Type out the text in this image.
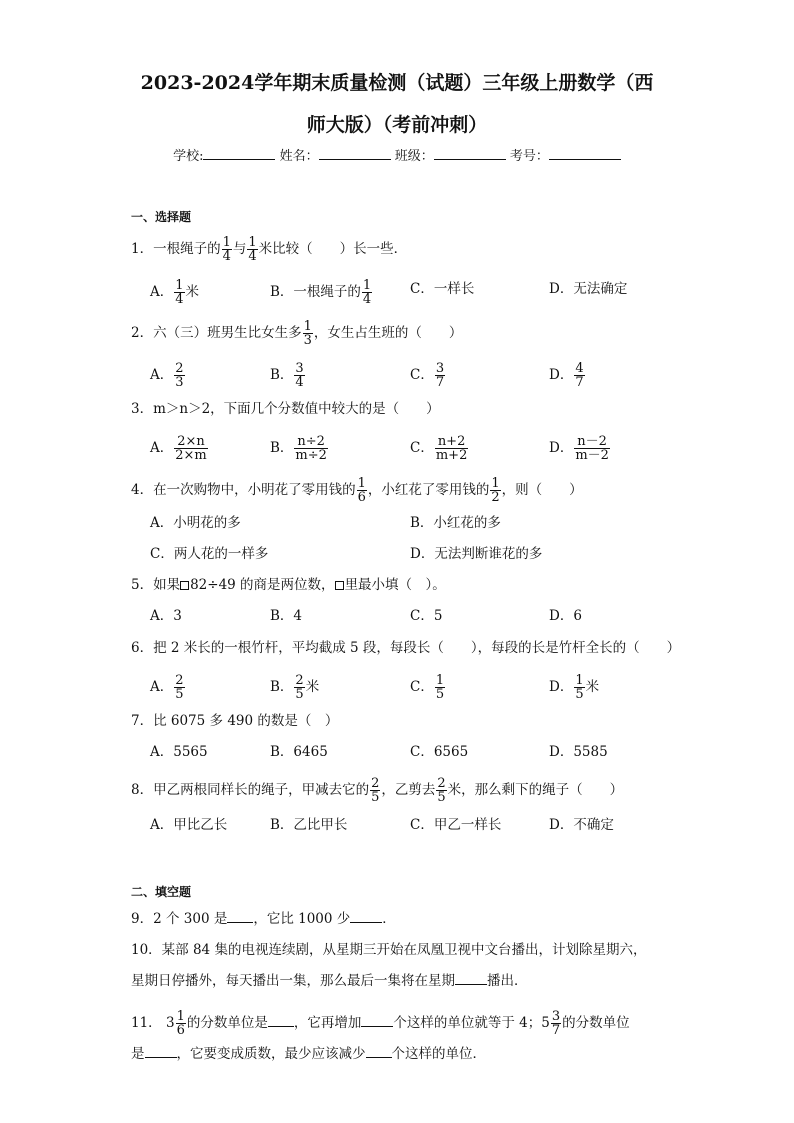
2023-2024学年期末质量检测（试题）三年级上册数学（西
师大版）（考前冲刺）
学校:	姓名：	班级：	考号：
一、选择题
1．一根绳子的 $\frac{1}{4}$ 与 $\frac{1}{4}$ 米比较（　　）长一些．
A． $\frac{1}{4}$ 米	B．一根绳子的 $\frac{1}{4}$	C．一样长	D．无法确定
2．六（三）班男生比女生多 $\frac{1}{3}$ ，女生占生班的（　　）
A． $\frac{2}{3}$	B． $\frac{3}{4}$	C． $\frac{3}{7}$	D． $\frac{4}{7}$
3．m＞n＞2，下面几个分数值中较大的是（　　）
A． $\frac{2\times n}{2\times m}$	B． $\frac{n\div 2}{m\div 2}$	C． $\frac{n+2}{m+2}$	D． $\frac{n-2}{m-2}$
4．在一次购物中，小明花了零用钱的 $\frac{1}{6}$ ，小红花了零用钱的 $\frac{1}{2}$ ，则（　　）
A．小明花的多	B．小红花的多
C．两人花的一样多	D．无法判断谁花的多
5．如果 82÷49 的商是两位数， 里最小填（　）。
A．3	B．4	C．5	D．6
6．把 2 米长的一根竹杆，平均截成 5 段，每段长（　　），每段的长是竹杆全长的（　　）
A． $\frac{2}{5}$	B． $\frac{2}{5}$ 米	C． $\frac{1}{5}$	D． $\frac{1}{5}$ 米
7．比 6075 多 490 的数是（　）
A．5565	B．6465	C．6565	D．5585
8．甲乙两根同样长的绳子，甲减去它的 $\frac{2}{5}$ ，乙剪去 $\frac{2}{5}$ 米，那么剩下的绳子（　　）
A．甲比乙长	B．乙比甲长	C．甲乙一样长	D．不确定
二、填空题
9．2 个 300 是 ，它比 1000 少 ．
10．某部 84 集的电视连续剧，从星期三开始在凤凰卫视中文台播出，计划除星期六，
星期日停播外，每天播出一集，那么最后一集将在星期 播出．
11． $3 \frac{1}{6}$ 的分数单位是 ，它再增加 个这样的单位就等于 4；$5 \frac{3}{7}$ 的分数单位
是 ，它要变成质数，最少应该减少 个这样的单位．
